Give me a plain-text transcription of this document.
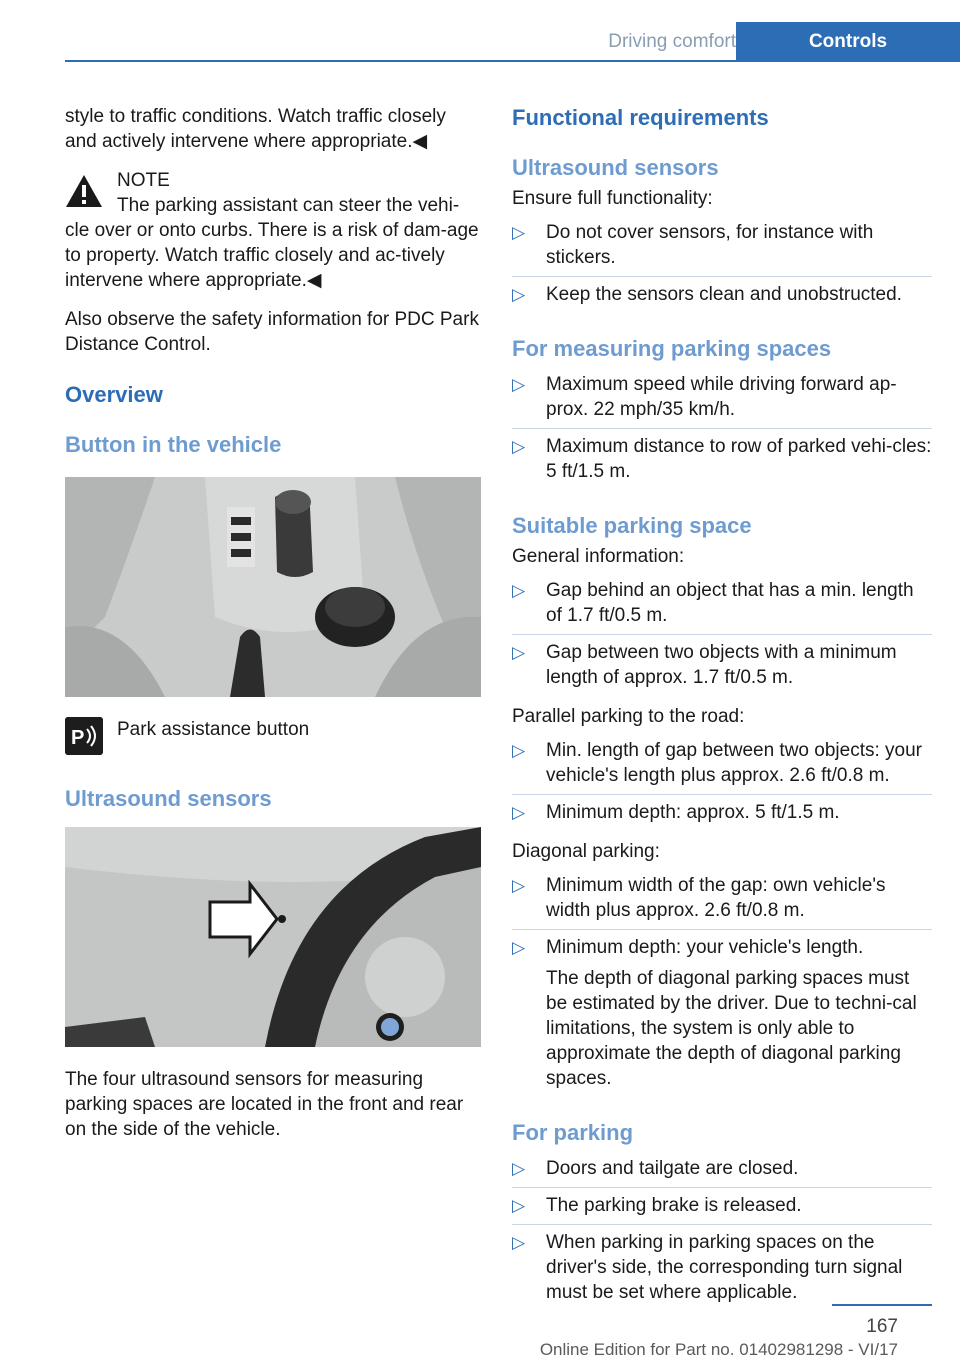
Driving comfort	Controls

style to traffic conditions. Watch traffic closely and actively intervene where appropriate.◀

NOTE
The parking assistant can steer the vehi-
cle over or onto curbs. There is a risk of dam-age to property. Watch traffic closely and ac-tively intervene where appropriate.◀

Also observe the safety information for PDC Park Distance Control.

Overview
Button in the vehicle
P Park assistance button

Ultrasound sensors

The four ultrasound sensors for measuring parking spaces are located in the front and rear on the side of the vehicle.

Functional requirements
Ultrasound sensors
Ensure full functionality:
▷ Do not cover sensors, for instance with stickers.
▷ Keep the sensors clean and unobstructed.
For measuring parking spaces
▷ Maximum speed while driving forward ap-prox. 22 mph/35 km/h.
▷ Maximum distance to row of parked vehi-cles: 5 ft/1.5 m.
Suitable parking space
General information:
▷ Gap behind an object that has a min. length of 1.7 ft/0.5 m.
▷ Gap between two objects with a minimum length of approx. 1.7 ft/0.5 m.
Parallel parking to the road:
▷ Min. length of gap between two objects: your vehicle's length plus approx. 2.6 ft/0.8 m.
▷ Minimum depth: approx. 5 ft/1.5 m.
Diagonal parking:
▷ Minimum width of the gap: own vehicle's width plus approx. 2.6 ft/0.8 m.
▷ Minimum depth: your vehicle's length.
The depth of diagonal parking spaces must be estimated by the driver. Due to techni-cal limitations, the system is only able to approximate the depth of diagonal parking spaces.
For parking
▷ Doors and tailgate are closed.
▷ The parking brake is released.
▷ When parking in parking spaces on the driver's side, the corresponding turn signal must be set where applicable.
167
Online Edition for Part no. 01402981298 - VI/17
